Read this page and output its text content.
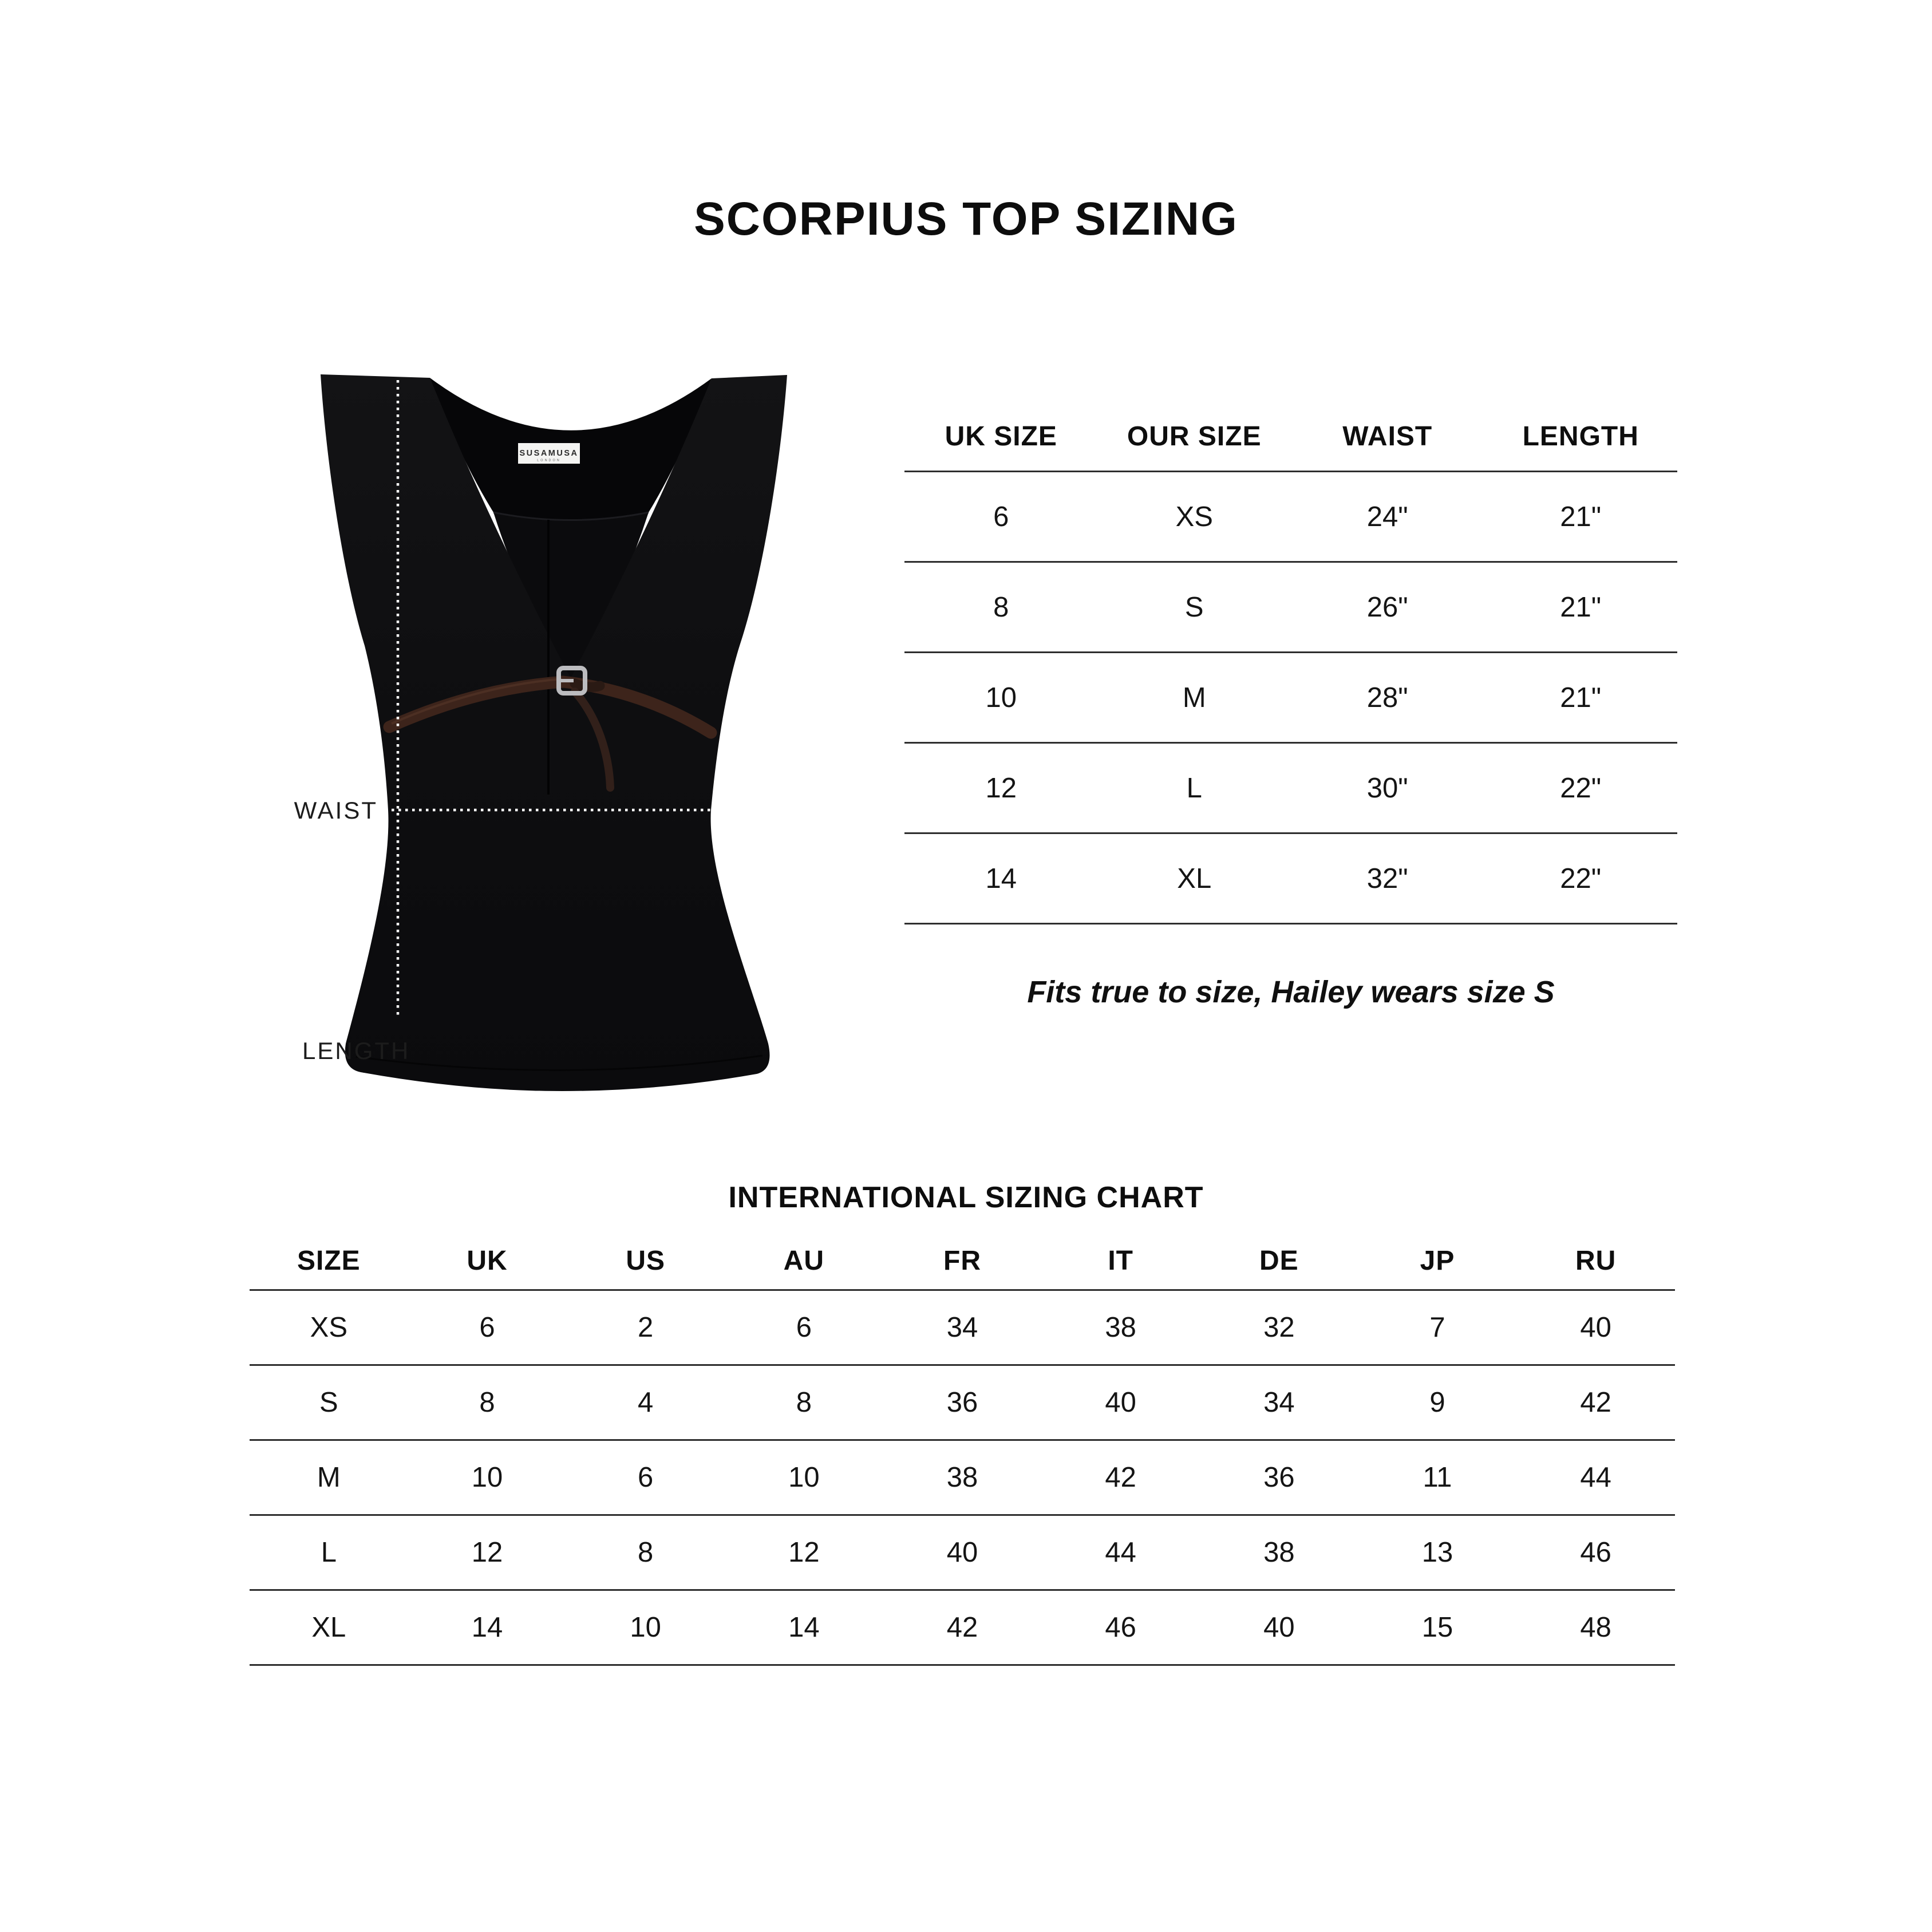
SCORPIUS TOP SIZING
SUSAMUSA
LONDON
WAIST
LENGTH
UK SIZE	OUR SIZE	WAIST	LENGTH
6	XS	24"	21"
8	S	26"	21"
10	M	28"	21"
12	L	30"	22"
14	XL	32"	22"
Fits true to size, Hailey wears size S
INTERNATIONAL SIZING CHART
SIZE	UK	US	AU	FR	IT	DE	JP	RU
XS	6	2	6	34	38	32	7	40
S	8	4	8	36	40	34	9	42
M	10	6	10	38	42	36	11	44
L	12	8	12	40	44	38	13	46
XL	14	10	14	42	46	40	15	48
